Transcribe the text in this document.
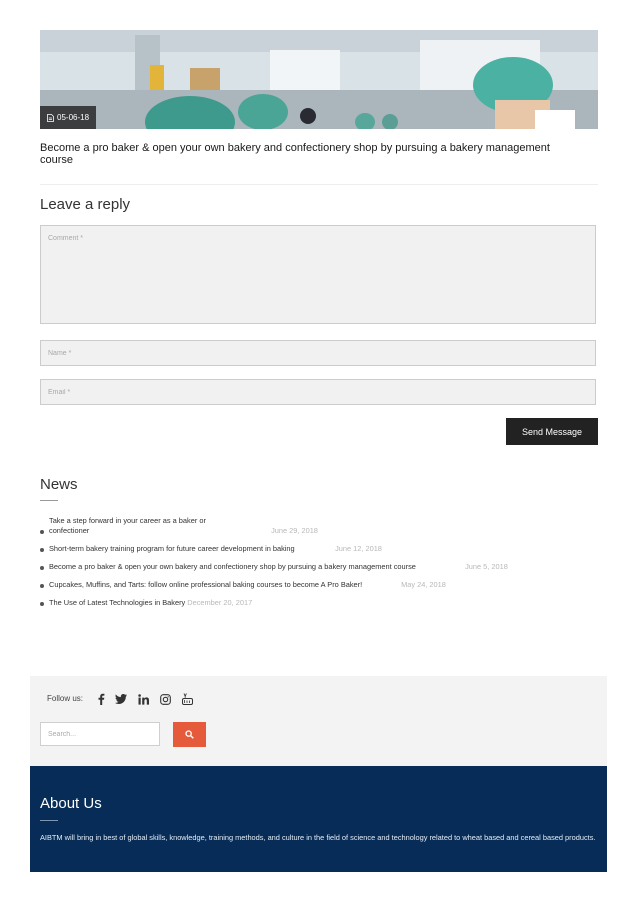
05-06-18
Become a pro baker & open your own bakery and confectionery shop by pursuing a bakery management course
Leave a reply
Comment *
Name *
Email *
Send Message
News
Take a step forward in your career as a baker or confectioner	June 29, 2018
Short-term bakery training program for future career development in baking	June 12, 2018
Become a pro baker & open your own bakery and confectionery shop by pursuing a bakery management course	June 5, 2018
Cupcakes, Muffins, and Tarts: follow online professional baking courses to become A Pro Baker!	May 24, 2018
The Use of Latest Technologies in Bakery December 20, 2017
Follow us:
Search...
About Us
AIBTM will bring in best of global skills, knowledge, training methods, and culture in the field of science and technology related to wheat based and cereal based products.
